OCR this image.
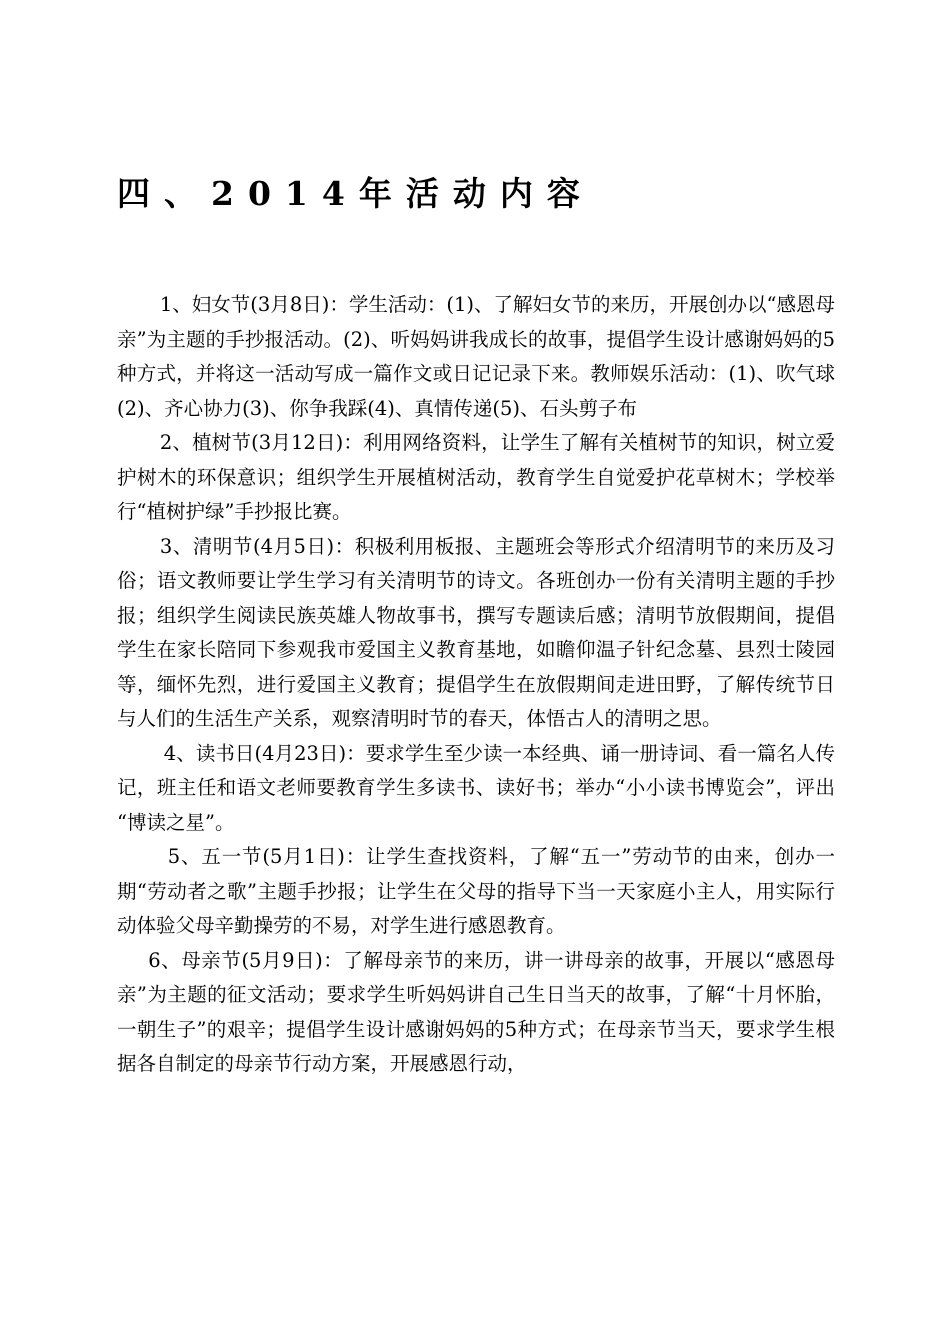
四、2014年活动内容

1、妇女节(3月8日)：学生活动：(1)、了解妇女节的来历，开展创办以“感恩母亲”为主题的手抄报活动。(2)、听妈妈讲我成长的故事，提倡学生设计感谢妈妈的5种方式，并将这一活动写成一篇作文或日记记录下来。教师娱乐活动：(1)、吹气球(2)、齐心协力(3)、你争我踩(4)、真情传递(5)、石头剪子布

2、植树节(3月12日)：利用网络资料，让学生了解有关植树节的知识，树立爱护树木的环保意识；组织学生开展植树活动，教育学生自觉爱护花草树木；学校举行“植树护绿”手抄报比赛。

3、清明节(4月5日)：积极利用板报、主题班会等形式介绍清明节的来历及习俗；语文教师要让学生学习有关清明节的诗文。各班创办一份有关清明主题的手抄报；组织学生阅读民族英雄人物故事书，撰写专题读后感；清明节放假期间，提倡学生在家长陪同下参观我市爱国主义教育基地，如瞻仰温子针纪念墓、县烈士陵园等，缅怀先烈，进行爱国主义教育；提倡学生在放假期间走进田野，了解传统节日与人们的生活生产关系，观察清明时节的春天，体悟古人的清明之思。

4、读书日(4月23日)：要求学生至少读一本经典、诵一册诗词、看一篇名人传记，班主任和语文老师要教育学生多读书、读好书；举办“小小读书博览会”，评出 “博读之星”。

5、五一节(5月1日)：让学生查找资料，了解“五一”劳动节的由来，创办一期“劳动者之歌”主题手抄报；让学生在父母的指导下当一天家庭小主人，用实际行动体验父母辛勤操劳的不易，对学生进行感恩教育。

6、母亲节(5月9日)：了解母亲节的来历，讲一讲母亲的故事，开展以“感恩母亲”为主题的征文活动；要求学生听妈妈讲自己生日当天的故事，了解“十月怀胎，一朝生子”的艰辛；提倡学生设计感谢妈妈的5种方式；在母亲节当天，要求学生根据各自制定的母亲节行动方案，开展感恩行动，
